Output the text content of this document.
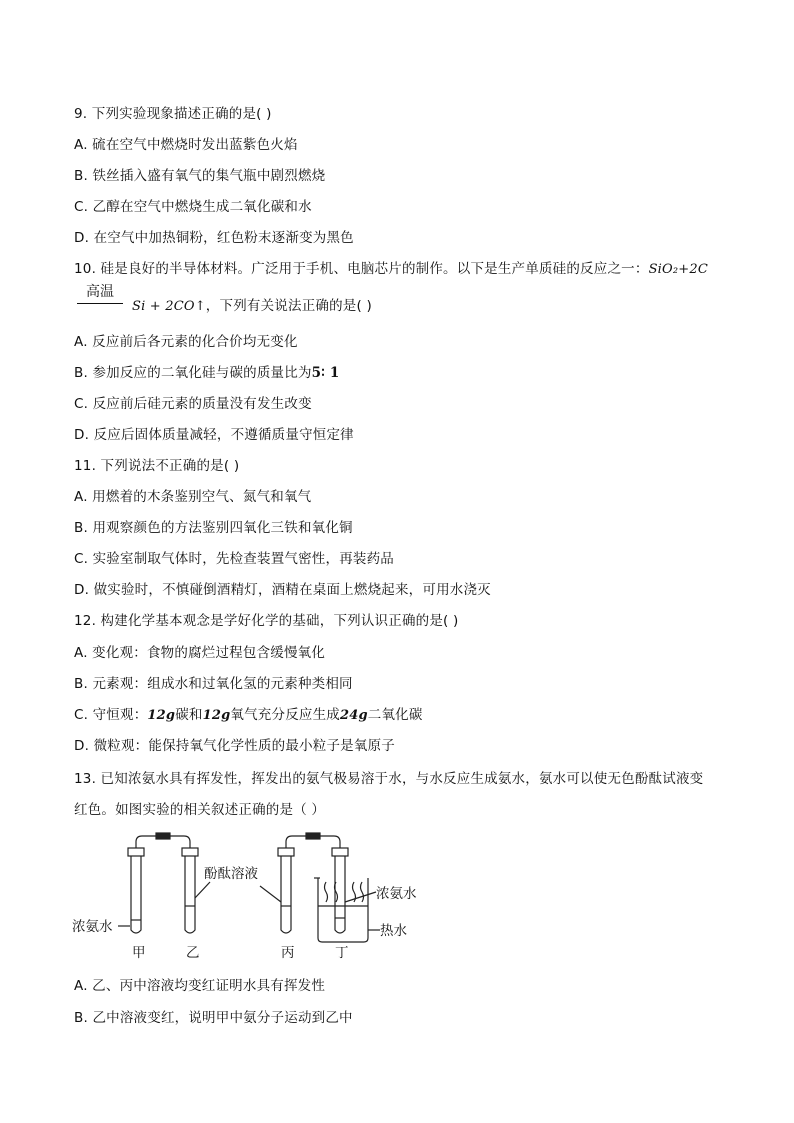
9. 下列实验现象描述正确的是( )
A. 硫在空气中燃烧时发出蓝紫色火焰
B. 铁丝插入盛有氧气的集气瓶中剧烈燃烧
C. 乙醇在空气中燃烧生成二氧化碳和水
D. 在空气中加热铜粉，红色粉末逐渐变为黑色
10. 硅是良好的半导体材料。广泛用于手机、电脑芯片的制作。以下是生产单质硅的反应之一：SiO₂+2C
高温
Si + 2CO↑，下列有关说法正确的是( )
A. 反应前后各元素的化合价均无变化
B. 参加反应的二氧化硅与碳的质量比为5∶ 1
C. 反应前后硅元素的质量没有发生改变
D. 反应后固体质量减轻，不遵循质量守恒定律
11. 下列说法不正确的是( )
A. 用燃着的木条鉴别空气、氮气和氧气
B. 用观察颜色的方法鉴别四氧化三铁和氧化铜
C. 实验室制取气体时，先检查装置气密性，再装药品
D. 做实验时，不慎碰倒酒精灯，酒精在桌面上燃烧起来，可用水浇灭
12. 构建化学基本观念是学好化学的基础，下列认识正确的是( )
A. 变化观：食物的腐烂过程包含缓慢氧化
B. 元素观：组成水和过氧化氢的元素种类相同
C. 守恒观：12g碳和12g氧气充分反应生成24g二氧化碳
D. 微粒观：能保持氧气化学性质的最小粒子是氧原子
13. 已知浓氨水具有挥发性，挥发出的氨气极易溶于水，与水反应生成氨水，氨水可以使无色酚酞试液变
红色。如图实验的相关叙述正确的是（ ）
浓氨水
酚酞溶液
浓氨水
热水
甲	乙	丙	丁
A. 乙、丙中溶液均变红证明水具有挥发性
B. 乙中溶液变红，说明甲中氨分子运动到乙中
